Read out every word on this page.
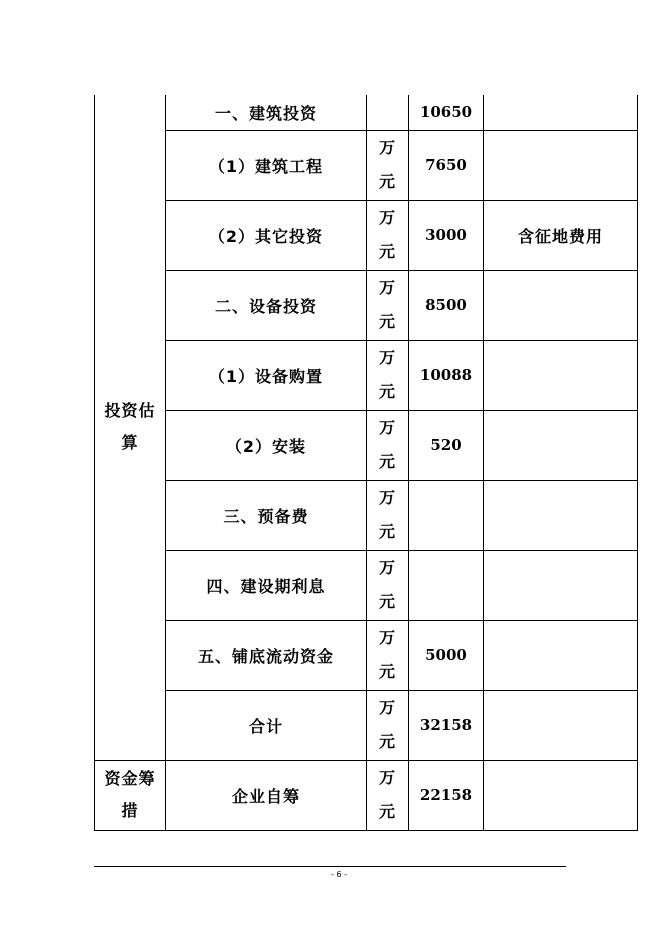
投资估算	一、建筑投资		10650	
	（1）建筑工程	万元	7650	
	（2）其它投资	万元	3000	含征地费用
	二、设备投资	万元	8500	
	（1）设备购置	万元	10088	
	（2）安装	万元	520	
	三、预备费	万元		
	四、建设期利息	万元		
	五、铺底流动资金	万元	5000	
	合计	万元	32158	
资金筹措	企业自筹	万元	22158	
- 6 -
